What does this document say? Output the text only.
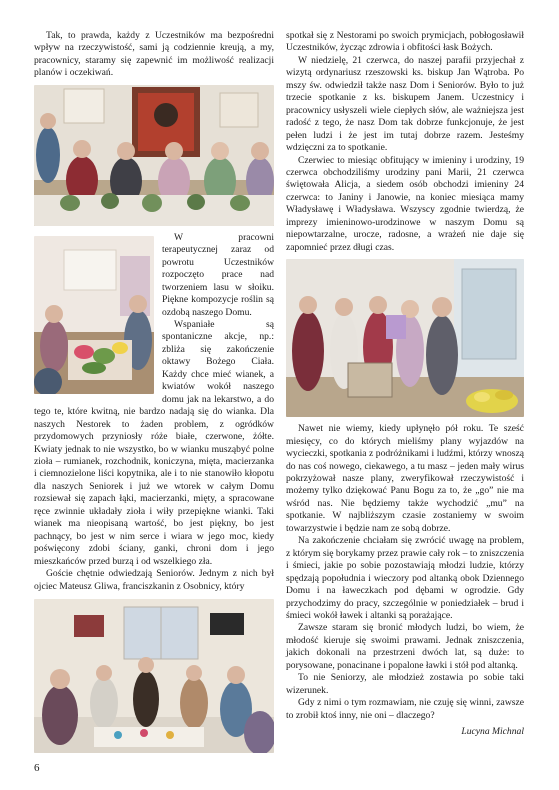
Tak, to prawda, każdy z Uczestników ma bezpośredni wpływ na rzeczywistość, sami ją codziennie kreują, a my, pracownicy, staramy się zapewnić im możliwość realizacji planów i oczekiwań.

W pracowni terapeutycznej zaraz od powrotu Uczestników rozpoczęto prace nad tworzeniem lasu w słoiku. Piękne kompozycje roślin są ozdobą naszego Domu.

Wspaniałe są spontaniczne akcje, np.: zbliża się zakończenie oktawy Bożego Ciała. Każdy chce mieć wianek, a kwiatów wokół naszego domu jak na lekarstwo, a do tego te, które kwitną, nie bardzo nadają się do wianka. Dla naszych Nestorek to żaden problem, z ogródków przydomowych przyniosły róże białe, czerwone, żółte. Kwiaty jednak to nie wszystko, bo w wianku musząbyć polne zioła – rumianek, rozchodnik, koniczyna, mięta, macierzanka i ciemnozielone liści kopytnika, ale i to nie stanowiło kłopotu dla naszych Seniorek i już we wtorek w całym Domu rozsiewał się zapach łąki, macierzanki, mięty, a spracowane ręce zwinnie układały zioła i wiły przepiękne wianki. Taki wianek ma nieopisaną wartość, bo jest piękny, bo jest pachnący, bo jest w nim serce i wiara w jego moc, kiedy poświęcony zdobi ściany, ganki, chroni dom i jego mieszkańców przed burzą i od wszelkiego zła.

Goście chętnie odwiedzają Seniorów. Jednym z nich był ojciec Mateusz Gliwa, franciszkanin z Osobnicy, który

spotkał się z Nestorami po swoich prymicjach, pobłogosławił Uczestników, życząc zdrowia i obfitości łask Bożych.

W niedzielę, 21 czerwca, do naszej parafii przyjechał z wizytą ordynariusz rzeszowski ks. biskup Jan Wątroba. Po mszy św. odwiedził także nasz Dom i Seniorów. Było to już trzecie spotkanie z ks. biskupem Janem. Uczestnicy i pracownicy usłyszeli wiele ciepłych słów, ale ważniejsza jest radość z tego, że nasz Dom tak dobrze funkcjonuje, że jest pełen ludzi i że jest im tutaj dobrze razem. Jesteśmy wdzięczni za to spotkanie.

Czerwiec to miesiąc obfitujący w imieniny i urodziny, 19 czerwca obchodziliśmy urodziny pani Marii, 21 czerwca świętowała Alicja, a siedem osób obchodzi imieniny 24 czerwca: to Janiny i Janowie, na koniec miesiąca mamy Władysławę i Władysława. Wszyscy zgodnie twierdzą, że imprezy imieninowo-urodzinowe w naszym Domu są niepowtarzalne, urocze, radosne, a wrażeń nie daje się zapomnieć przez długi czas.

Nawet nie wiemy, kiedy upłynęło pół roku. Te sześć miesięcy, co do których mieliśmy plany wyjazdów na wycieczki, spotkania z podróżnikami i ludźmi, którzy wnoszą do nas coś nowego, ciekawego, a tu masz – jeden mały wirus pokrzyżował nasze plany, zweryfikował rzeczywistość i możemy tylko dziękować Panu Bogu za to, że „go” nie ma wśród nas. Nie będziemy także wychodzić „mu” na spotkanie. W najbliższym czasie zostaniemy w swoim towarzystwie i będzie nam ze sobą dobrze.

Na zakończenie chciałam się zwrócić uwagę na problem, z którym się borykamy przez prawie cały rok – to zniszczenia i śmieci, jakie po sobie pozostawiają młodzi ludzie, którzy spędzają popołudnia i wieczory pod altanką obok Dziennego Domu i na ławeczkach pod dębami w ogrodzie. Gdy przychodzimy do pracy, szczególnie w poniedziałek – brud i śmieci wokół ławek i altanki są porażające.

Zawsze staram się bronić młodych ludzi, bo wiem, że młodość kieruje się swoimi prawami. Jednak zniszczenia, jakich dokonali na przestrzeni dwóch lat, są duże: to porysowane, ponacinane i popalone ławki i stół pod altanką.

To nie Seniorzy, ale młodzież zostawia po sobie taki wizerunek.

Gdy z nimi o tym rozmawiam, nie czuję się winni, zawsze to zrobił ktoś inny, nie oni – dlaczego?

Lucyna Michnal
6
